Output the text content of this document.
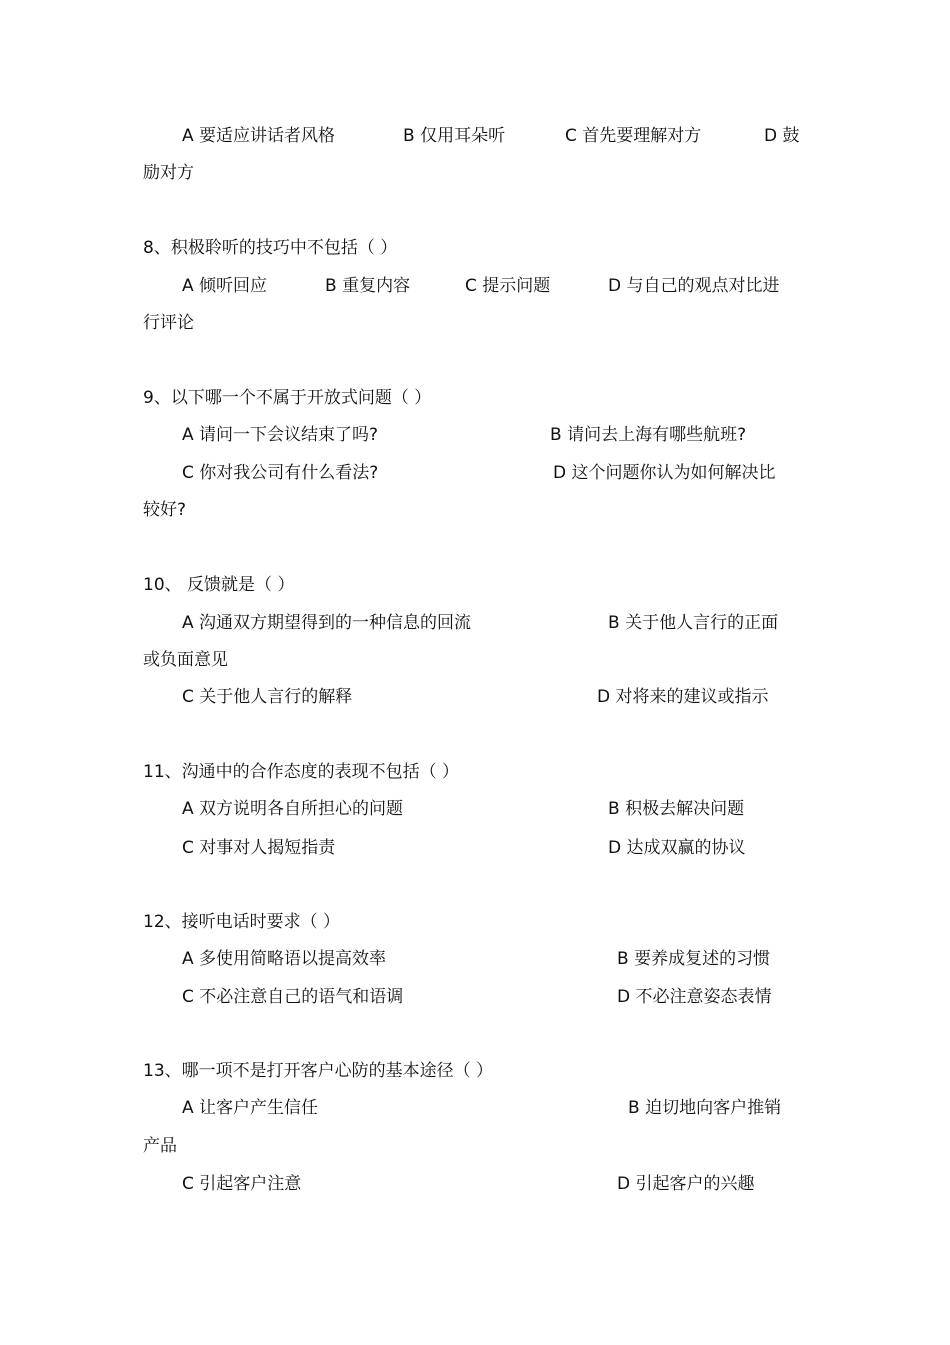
A 要适应讲话者风格	B 仅用耳朵听	C 首先要理解对方	D 鼓
励对方
8、积极聆听的技巧中不包括（ ）
A 倾听回应	B 重复内容	C 提示问题	D 与自己的观点对比进
行评论
9、以下哪一个不属于开放式问题（ ）
A 请问一下会议结束了吗?	B 请问去上海有哪些航班?
C 你对我公司有什么看法?	D 这个问题你认为如何解决比
较好?
10、 反馈就是（ ）
A 沟通双方期望得到的一种信息的回流	B 关于他人言行的正面
或负面意见
C 关于他人言行的解释	D 对将来的建议或指示
11、沟通中的合作态度的表现不包括（ ）
A 双方说明各自所担心的问题	B 积极去解决问题
C 对事对人揭短指责	D 达成双赢的协议
12、接听电话时要求（ ）
A 多使用简略语以提高效率	B 要养成复述的习惯
C 不必注意自己的语气和语调	D 不必注意姿态表情
13、哪一项不是打开客户心防的基本途径（ ）
A 让客户产生信任	B 迫切地向客户推销
产品
C 引起客户注意	D 引起客户的兴趣
